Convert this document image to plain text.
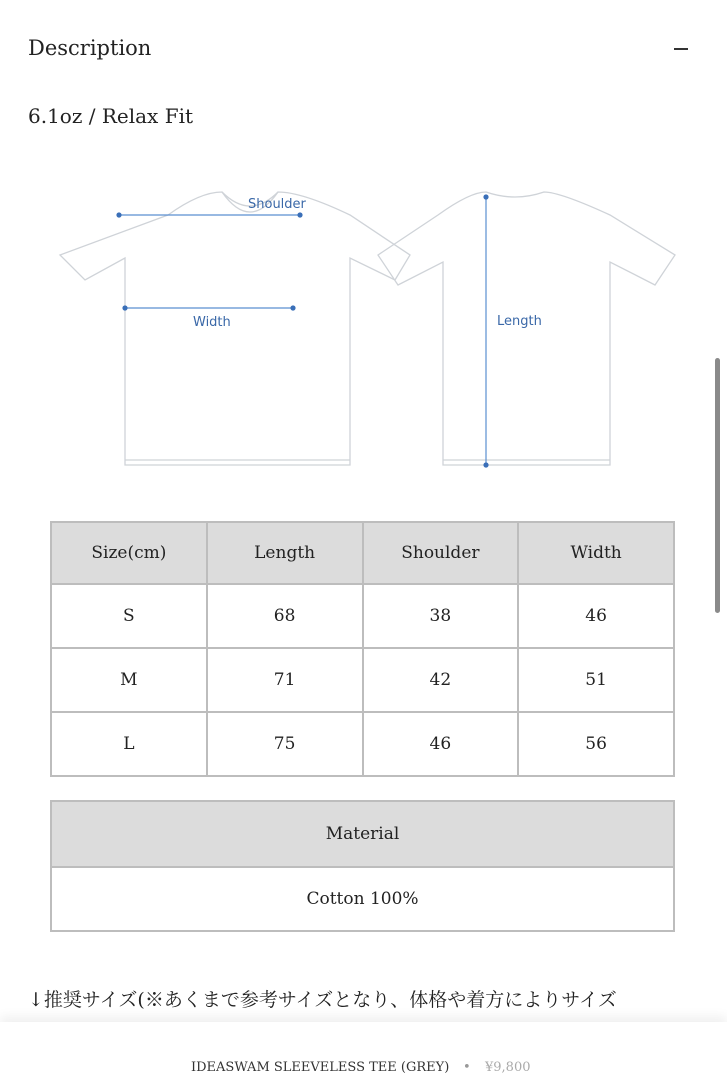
Description
6.1oz / Relax Fit
Shoulder
Width	Length
Size(cm)	Length	Shoulder	Width
S	68	38	46
M	71	42	51
L	75	46	56
Material
Cotton 100%
↓推奨サイズ(※あくまで参考サイズとなり、体格や着方によりサイズ
IDEASWAM SLEEVELESS TEE (GREY) • ¥9,800
